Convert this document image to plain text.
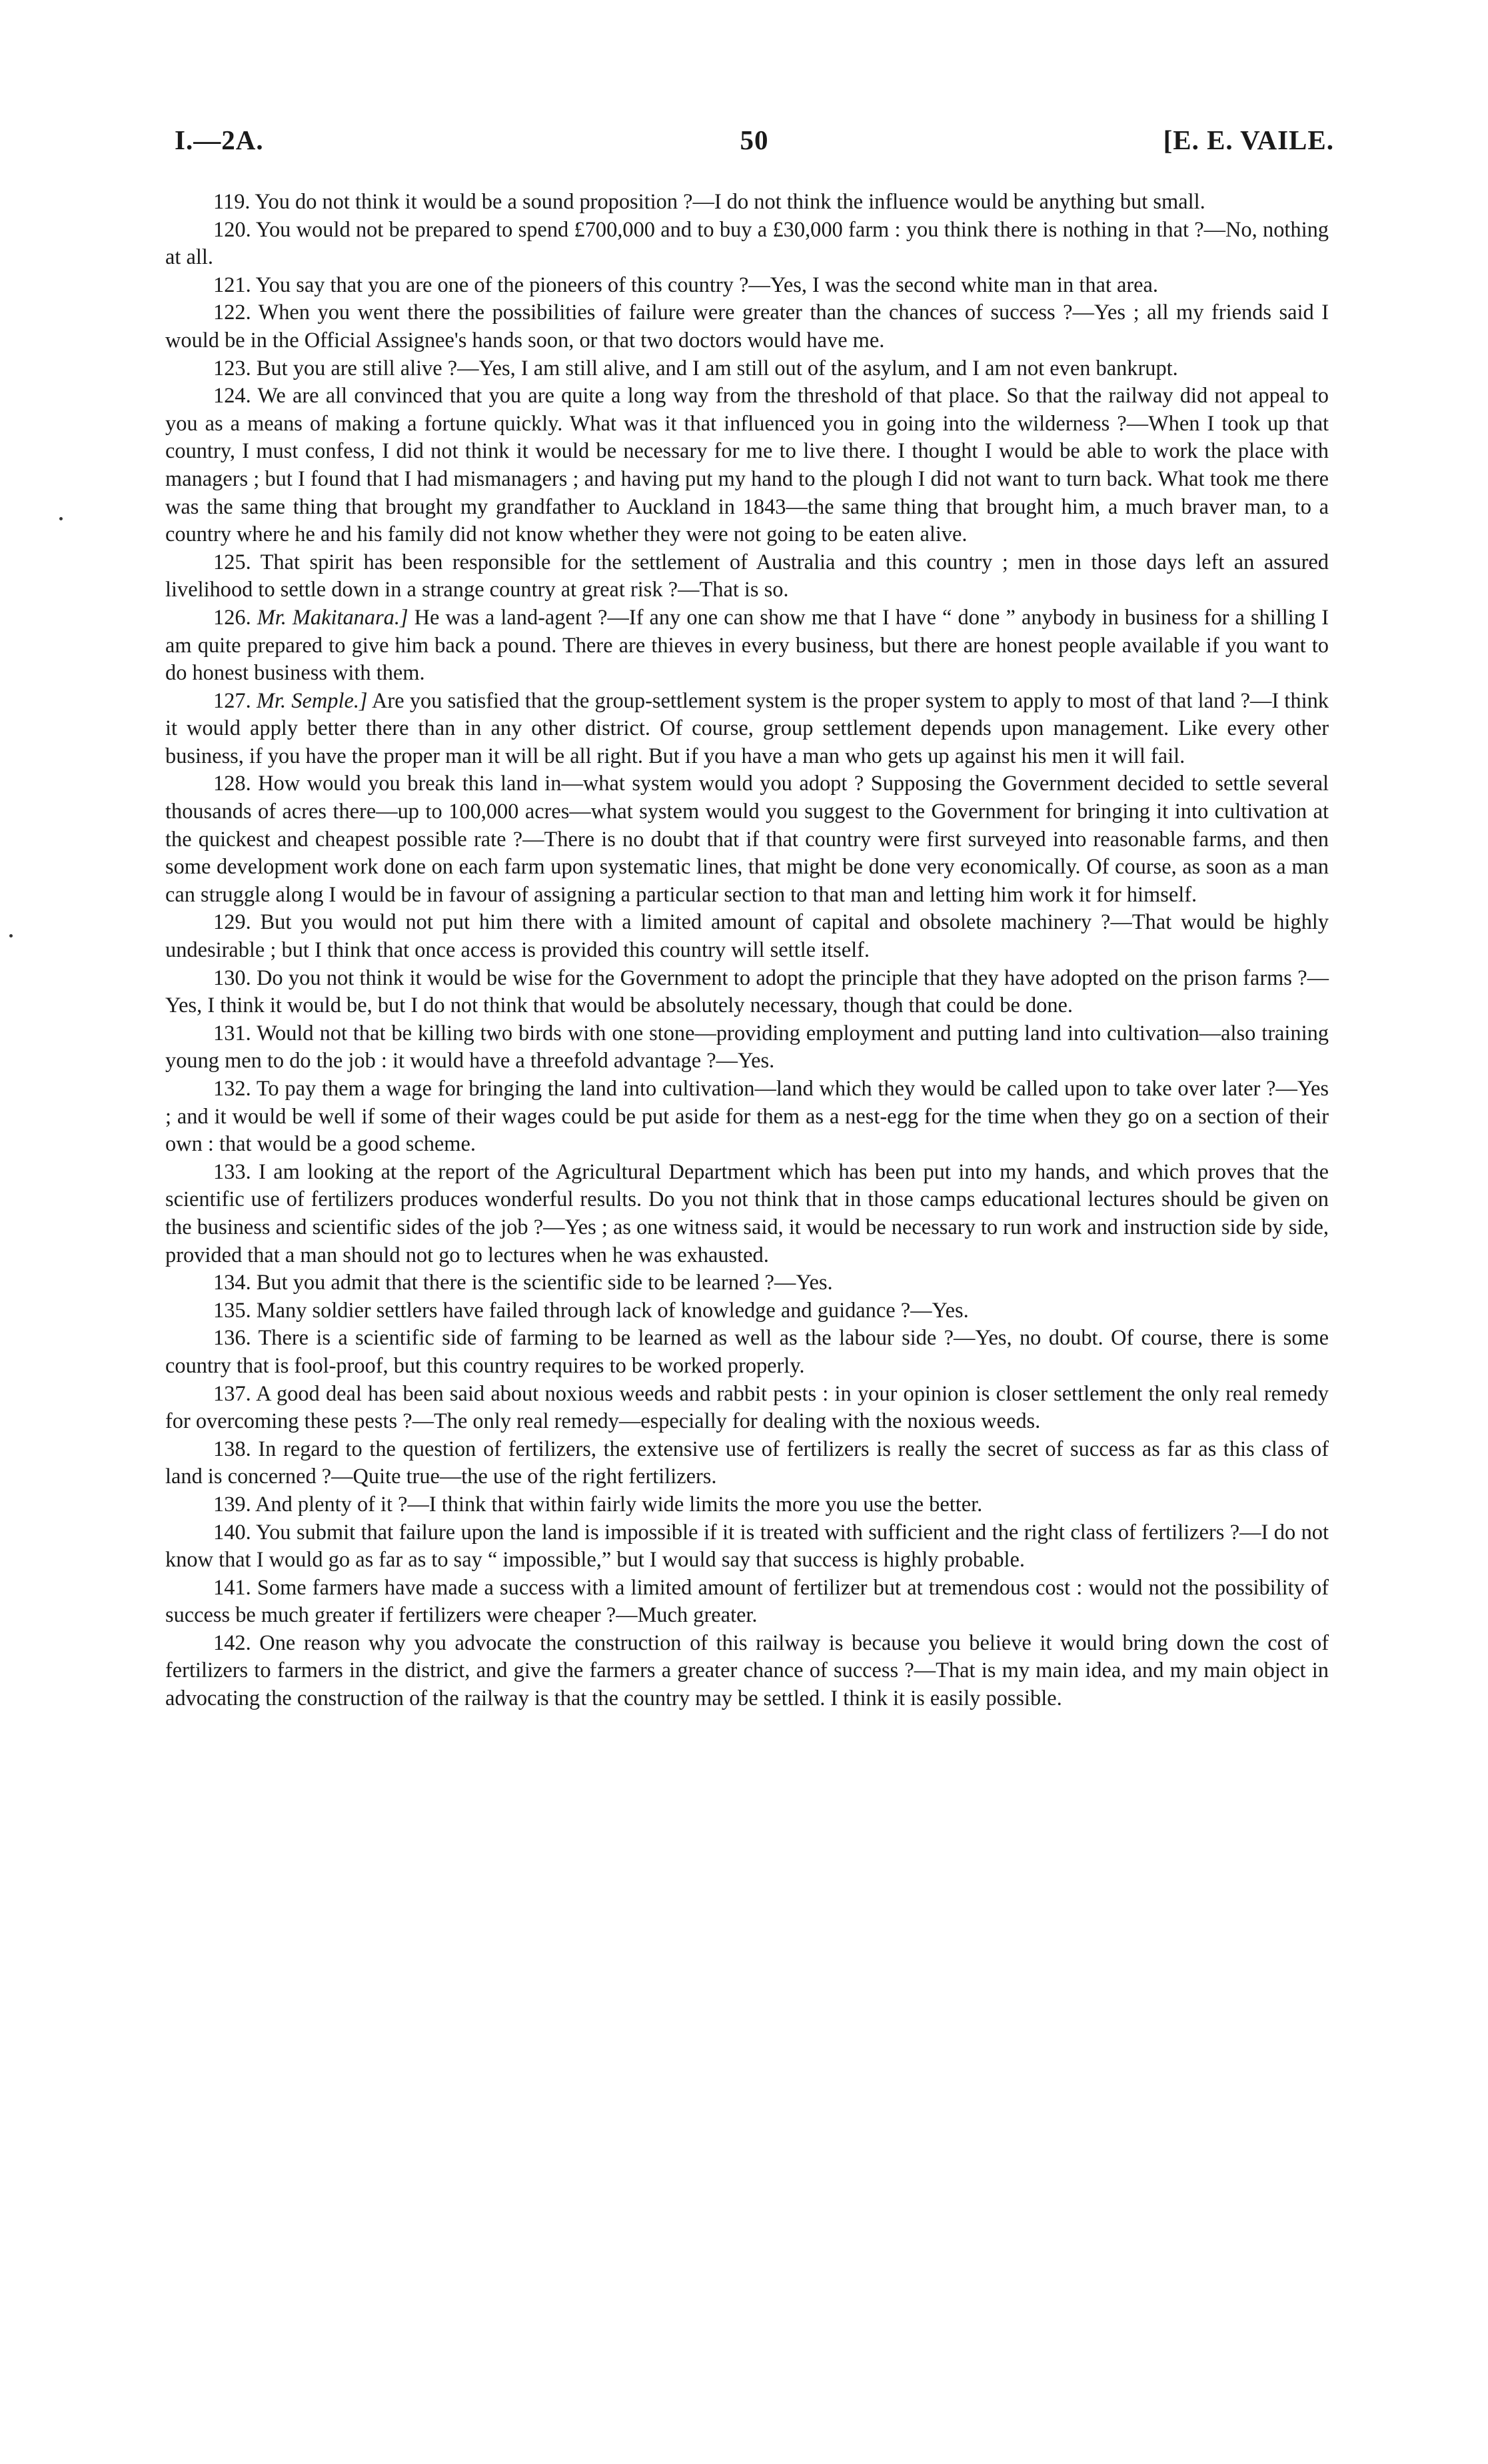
I.—2A.	50	[E. E. VAILE.

119. You do not think it would be a sound proposition ?—I do not think the influence would be anything but small.

120. You would not be prepared to spend £700,000 and to buy a £30,000 farm : you think there is nothing in that ?—No, nothing at all.

121. You say that you are one of the pioneers of this country ?—Yes, I was the second white man in that area.

122. When you went there the possibilities of failure were greater than the chances of success ?—Yes ; all my friends said I would be in the Official Assignee's hands soon, or that two doctors would have me.

123. But you are still alive ?—Yes, I am still alive, and I am still out of the asylum, and I am not even bankrupt.

124. We are all convinced that you are quite a long way from the threshold of that place. So that the railway did not appeal to you as a means of making a fortune quickly. What was it that influenced you in going into the wilderness ?—When I took up that country, I must confess, I did not think it would be necessary for me to live there. I thought I would be able to work the place with managers ; but I found that I had mismanagers ; and having put my hand to the plough I did not want to turn back. What took me there was the same thing that brought my grandfather to Auckland in 1843—the same thing that brought him, a much braver man, to a country where he and his family did not know whether they were not going to be eaten alive.

125. That spirit has been responsible for the settlement of Australia and this country ; men in those days left an assured livelihood to settle down in a strange country at great risk ?—That is so.

126. Mr. Makitanara.] He was a land-agent ?—If any one can show me that I have “ done ” anybody in business for a shilling I am quite prepared to give him back a pound. There are thieves in every business, but there are honest people available if you want to do honest business with them.

127. Mr. Semple.] Are you satisfied that the group-settlement system is the proper system to apply to most of that land ?—I think it would apply better there than in any other district. Of course, group settlement depends upon management. Like every other business, if you have the proper man it will be all right. But if you have a man who gets up against his men it will fail.

128. How would you break this land in—what system would you adopt ? Supposing the Government decided to settle several thousands of acres there—up to 100,000 acres—what system would you suggest to the Government for bringing it into cultivation at the quickest and cheapest possible rate ?—There is no doubt that if that country were first surveyed into reasonable farms, and then some development work done on each farm upon systematic lines, that might be done very economically. Of course, as soon as a man can struggle along I would be in favour of assigning a particular section to that man and letting him work it for himself.

129. But you would not put him there with a limited amount of capital and obsolete machinery ?—That would be highly undesirable ; but I think that once access is provided this country will settle itself.

130. Do you not think it would be wise for the Government to adopt the principle that they have adopted on the prison farms ?—Yes, I think it would be, but I do not think that would be absolutely necessary, though that could be done.

131. Would not that be killing two birds with one stone—providing employment and putting land into cultivation—also training young men to do the job : it would have a threefold advantage ?—Yes.

132. To pay them a wage for bringing the land into cultivation—land which they would be called upon to take over later ?—Yes ; and it would be well if some of their wages could be put aside for them as a nest-egg for the time when they go on a section of their own : that would be a good scheme.

133. I am looking at the report of the Agricultural Department which has been put into my hands, and which proves that the scientific use of fertilizers produces wonderful results. Do you not think that in those camps educational lectures should be given on the business and scientific sides of the job ?—Yes ; as one witness said, it would be necessary to run work and instruction side by side, provided that a man should not go to lectures when he was exhausted.

134. But you admit that there is the scientific side to be learned ?—Yes.

135. Many soldier settlers have failed through lack of knowledge and guidance ?—Yes.

136. There is a scientific side of farming to be learned as well as the labour side ?—Yes, no doubt. Of course, there is some country that is fool-proof, but this country requires to be worked properly.

137. A good deal has been said about noxious weeds and rabbit pests : in your opinion is closer settlement the only real remedy for overcoming these pests ?—The only real remedy—especially for dealing with the noxious weeds.

138. In regard to the question of fertilizers, the extensive use of fertilizers is really the secret of success as far as this class of land is concerned ?—Quite true—the use of the right fertilizers.

139. And plenty of it ?—I think that within fairly wide limits the more you use the better.

140. You submit that failure upon the land is impossible if it is treated with sufficient and the right class of fertilizers ?—I do not know that I would go as far as to say “ impossible,” but I would say that success is highly probable.

141. Some farmers have made a success with a limited amount of fertilizer but at tremendous cost : would not the possibility of success be much greater if fertilizers were cheaper ?—Much greater.

142. One reason why you advocate the construction of this railway is because you believe it would bring down the cost of fertilizers to farmers in the district, and give the farmers a greater chance of success ?—That is my main idea, and my main object in advocating the construction of the railway is that the country may be settled. I think it is easily possible.
